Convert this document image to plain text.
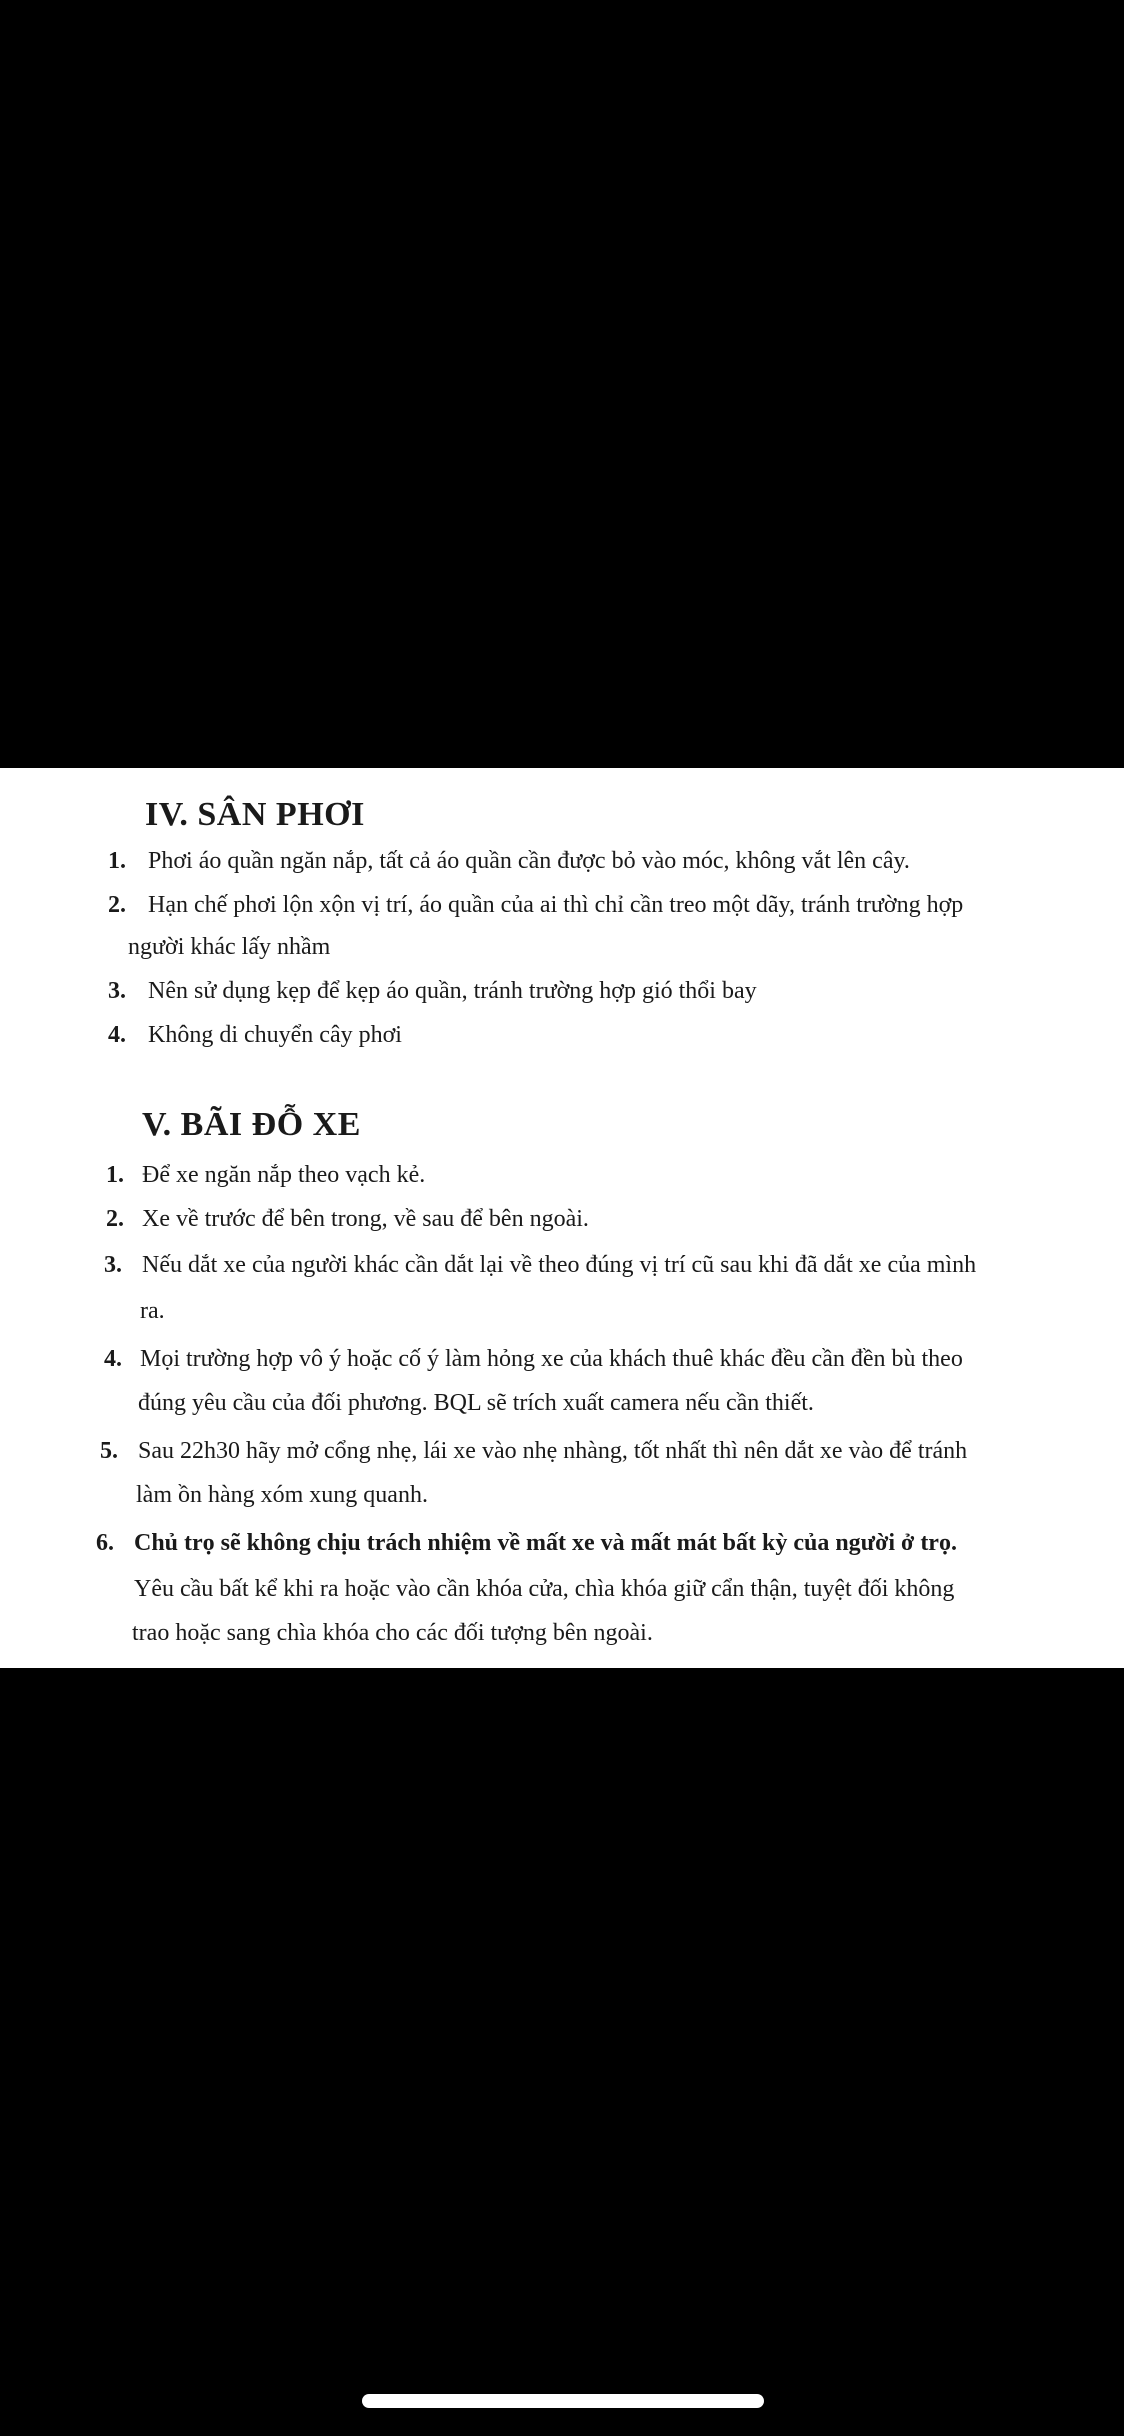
IV. SÂN PHƠI
1. Phơi áo quần ngăn nắp, tất cả áo quần cần được bỏ vào móc, không vắt lên cây.
2. Hạn chế phơi lộn xộn vị trí, áo quần của ai thì chỉ cần treo một dãy, tránh trường hợp
người khác lấy nhầm
3. Nên sử dụng kẹp để kẹp áo quần, tránh trường hợp gió thổi bay
4. Không di chuyển cây phơi
V. BÃI ĐỖ XE
1. Để xe ngăn nắp theo vạch kẻ.
2. Xe về trước để bên trong, về sau để bên ngoài.
3. Nếu dắt xe của người khác cần dắt lại về theo đúng vị trí cũ sau khi đã dắt xe của mình
ra.
4. Mọi trường hợp vô ý hoặc cố ý làm hỏng xe của khách thuê khác đều cần đền bù theo
đúng yêu cầu của đối phương. BQL sẽ trích xuất camera nếu cần thiết.
5. Sau 22h30 hãy mở cổng nhẹ, lái xe vào nhẹ nhàng, tốt nhất thì nên dắt xe vào để tránh
làm ồn hàng xóm xung quanh.
6. Chủ trọ sẽ không chịu trách nhiệm về mất xe và mất mát bất kỳ của người ở trọ.
Yêu cầu bất kể khi ra hoặc vào cần khóa cửa, chìa khóa giữ cẩn thận, tuyệt đối không
trao hoặc sang chìa khóa cho các đối tượng bên ngoài.
